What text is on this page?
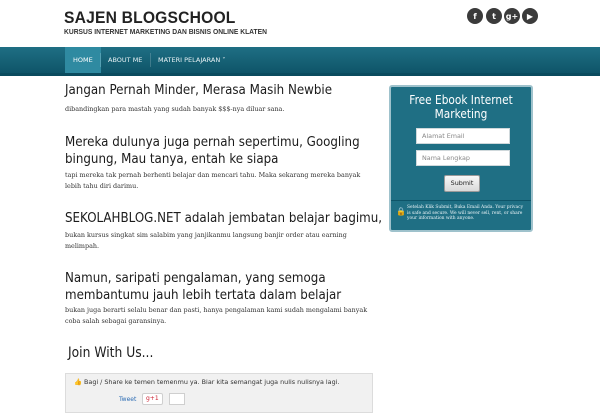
SAJEN BLOGSCHOOL
KURSUS INTERNET MARKETING DAN BISNIS ONLINE KLATEN
f	t	g+	▶
HOME	ABOUT ME	MATERI PELAJARAN ˅
Jangan Pernah Minder, Merasa Masih Newbie
dibandingkan para mastah yang sudah banyak $$$-nya diluar sana.
Mereka dulunya juga pernah sepertimu, Googling
bingung, Mau tanya, entah ke siapa
tapi mereka tak pernah berhenti belajar dan mencari tahu. Maka sekarang mereka banyak lebih tahu diri darimu.
SEKOLAHBLOG.NET adalah jembatan belajar bagimu,
bukan kursus singkat sim salabim yang janjikanmu langsung banjir order atau earning melimpah.
Namun, saripati pengalaman, yang semoga
membantumu jauh lebih tertata dalam belajar
bukan juga berarti selalu benar dan pasti, hanya pengalaman kami sudah mengalami banyak coba salah sebagai garansinya.
Join With Us...
👍 Bagi / Share ke temen temenmu ya. Biar kita semangat juga nulis nulisnya lagi.
Tweet	g+1
Free Ebook Internet
Marketing
Alamat Email
Nama Lengkap
Submit
🔒 Setelah Klik Submit, Buka Email Anda. Your privacy is safe and secure. We will never sell, rent, or share your information with anyone.
